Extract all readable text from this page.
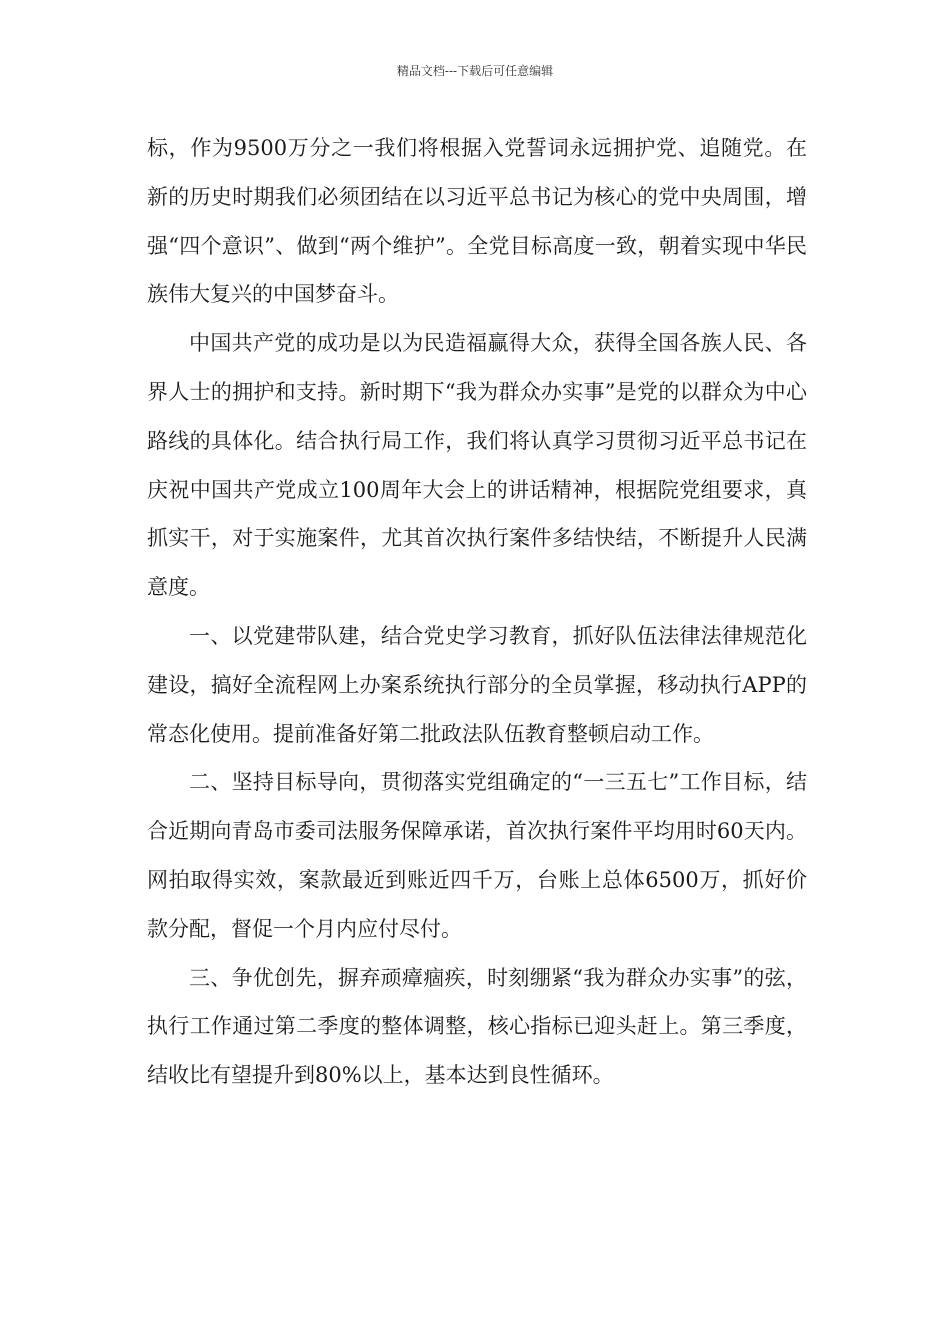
精品文档---下载后可任意编辑

标，作为9500万分之一我们将根据入党誓词永远拥护党、追随党。在新的历史时期我们必须团结在以习近平总书记为核心的党中央周围，增强“四个意识”、做到“两个维护”。全党目标高度一致，朝着实现中华民族伟大复兴的中国梦奋斗。

中国共产党的成功是以为民造福赢得大众，获得全国各族人民、各界人士的拥护和支持。新时期下“我为群众办实事”是党的以群众为中心路线的具体化。结合执行局工作，我们将认真学习贯彻习近平总书记在庆祝中国共产党成立100周年大会上的讲话精神，根据院党组要求，真抓实干，对于实施案件，尤其首次执行案件多结快结，不断提升人民满意度。

一、以党建带队建，结合党史学习教育，抓好队伍法律法律规范化建设，搞好全流程网上办案系统执行部分的全员掌握，移动执行APP的常态化使用。提前准备好第二批政法队伍教育整顿启动工作。

二、坚持目标导向，贯彻落实党组确定的“一三五七”工作目标，结合近期向青岛市委司法服务保障承诺，首次执行案件平均用时60天内。网拍取得实效，案款最近到账近四千万，台账上总体6500万，抓好价款分配，督促一个月内应付尽付。

三、争优创先，摒弃顽瘴痼疾，时刻绷紧“我为群众办实事”的弦，执行工作通过第二季度的整体调整，核心指标已迎头赶上。第三季度，结收比有望提升到80%以上，基本达到良性循环。
